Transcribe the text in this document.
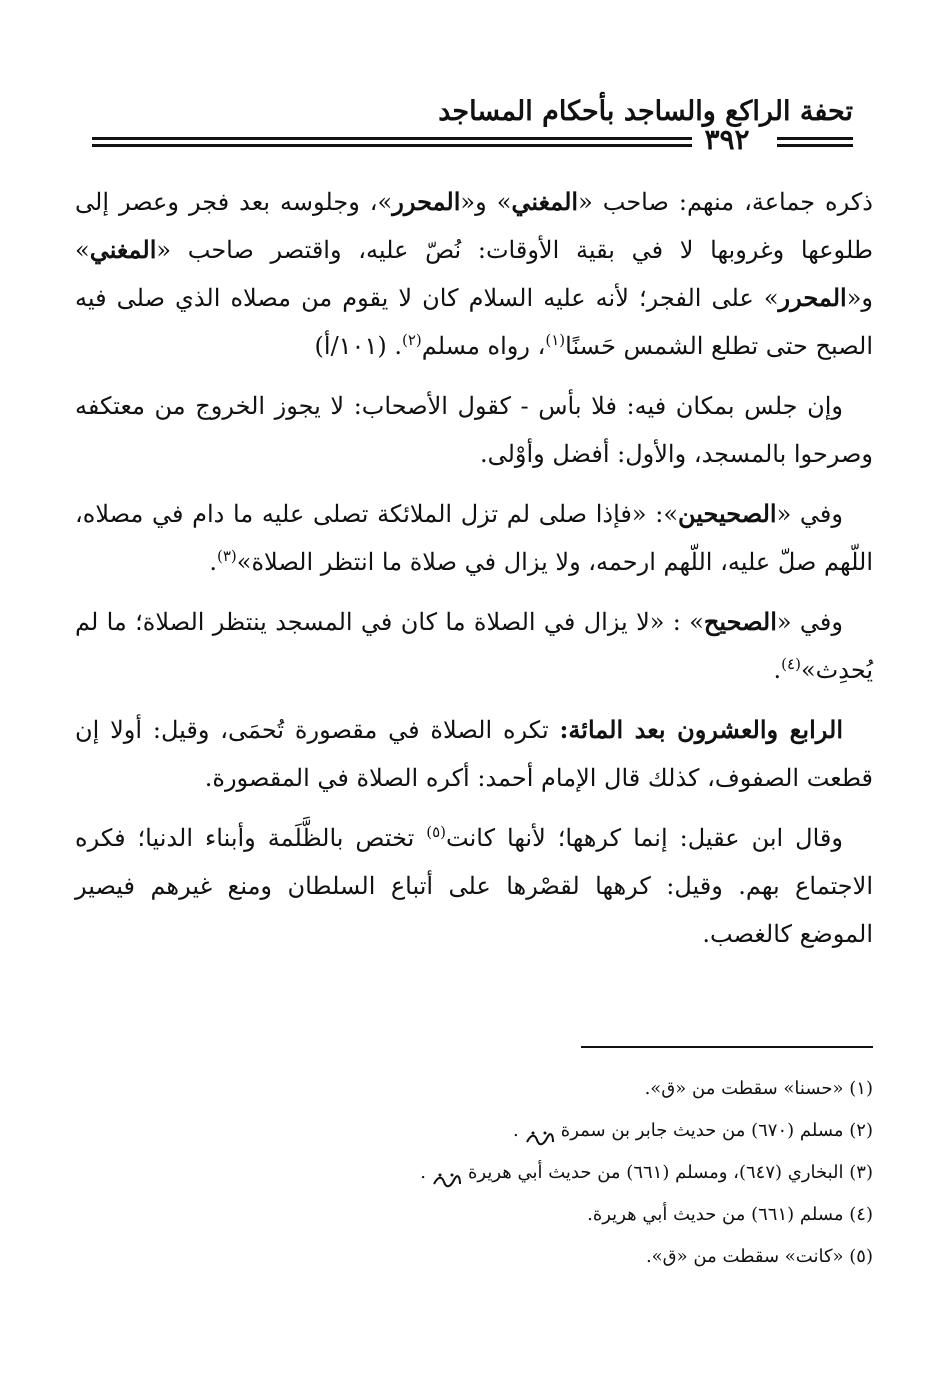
تحفة الراكع والساجد بأحكام المساجد
٣٩٢

ذكره جماعة، منهم: صاحب «المغني» و«المحرر»، وجلوسه بعد فجر وعصر إلى طلوعها وغروبها لا في بقية الأوقات: نُصّ عليه، واقتصر صاحب «المغني» و«المحرر» على الفجر؛ لأنه عليه السلام كان لا يقوم من مصلاه الذي صلى فيه الصبح حتى تطلع الشمس حَسنًا$^{(١)}$، رواه مسلم$^{(٢)}$. (١٠١/أ)

وإن جلس بمكان فيه: فلا بأس - كقول الأصحاب: لا يجوز الخروج من معتكفه وصرحوا بالمسجد، والأول: أفضل وأوْلى.

وفي «الصحيحين»: «فإذا صلى لم تزل الملائكة تصلى عليه ما دام في مصلاه، اللّهم صلّ عليه، اللّهم ارحمه، ولا يزال في صلاة ما انتظر الصلاة»$^{(٣)}$.

وفي «الصحيح» : «لا يزال في الصلاة ما كان في المسجد ينتظر الصلاة؛ ما لم يُحدِث»$^{(٤)}$.

الرابع والعشرون بعد المائة: تكره الصلاة في مقصورة تُحمَى، وقيل: أولا إن قطعت الصفوف، كذلك قال الإمام أحمد: أكره الصلاة في المقصورة.

وقال ابن عقيل: إنما كرهها؛ لأنها كانت$^{(٥)}$ تختص بالظَّلَمة وأبناء الدنيا؛ فكره الاجتماع بهم. وقيل: كرهها لقصْرها على أتباع السلطان ومنع غيرهم فيصير الموضع كالغصب.

(١) «حسنا» سقطت من «ق».
(٢) مسلم (٦٧٠) من حديث جابر بن سمرة.
(٣) البخاري (٦٤٧)، ومسلم (٦٦١) من حديث أبي هريرة.
(٤) مسلم (٦٦١) من حديث أبي هريرة.
(٥) «كانت» سقطت من «ق».
